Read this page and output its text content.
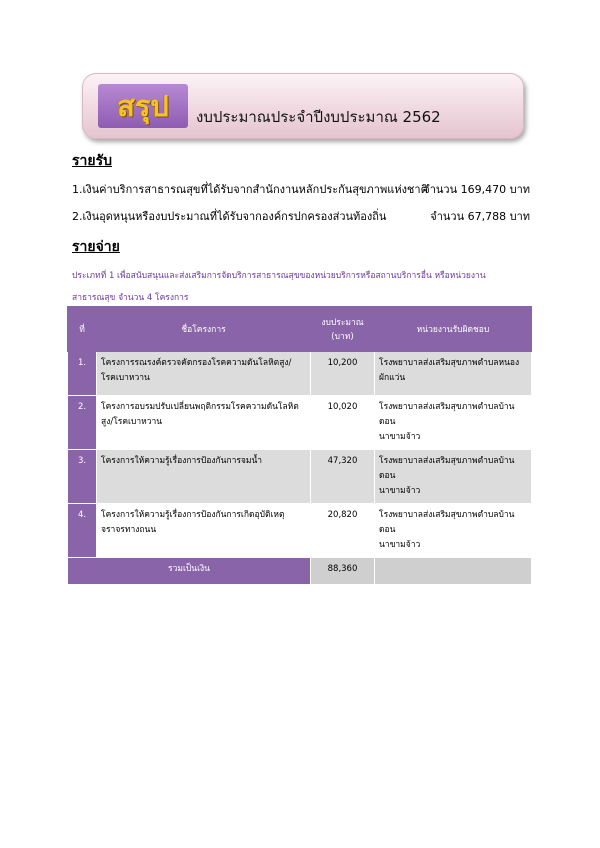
สรุป	งบประมาณประจำปีงบประมาณ 2562
รายรับ
1.เงินค่าบริการสาธารณสุขที่ได้รับจากสำนักงานหลักประกันสุขภาพแห่งชาติ
จำนวน 169,470 บาท
2.เงินอุดหนุนหรืองบประมาณที่ได้รับจากองค์กรปกครองส่วนท้องถิ่น	จำนวน 67,788 บาท
รายจ่าย
ประเภทที่ 1 เพื่อสนับสนุนและส่งเสริมการจัดบริการสาธารณสุขของหน่วยบริการหรือสถานบริการอื่น หรือหน่วยงาน
สาธารณสุข จำนวน 4 โครงการ
ที่	ชื่อโครงการ	งบประมาณ
(บาท)	หน่วยงานรับผิดชอบ
1.	โครงการรณรงค์ตรวจคัดกรองโรคความดันโลหิตสูง/
โรคเบาหวาน	10,200	โรงพยาบาลส่งเสริมสุขภาพตำบลหนองผักแว่น

2.	โครงการอบรมปรับเปลี่ยนพฤติกรรมโรคความดันโลหิต
สูง/โรคเบาหวาน	10,020	โรงพยาบาลส่งเสริมสุขภาพตำบลบ้านดอน
นาขามจ้าว

3.	โครงการให้ความรู้เรื่องการป้องกันการจมน้ำ	47,320	โรงพยาบาลส่งเสริมสุขภาพตำบลบ้านดอน
นาขามจ้าว

4.	โครงการให้ความรู้เรื่องการป้องกันการเกิดอุบัติเหตุ
จราจรทางถนน	20,820	โรงพยาบาลส่งเสริมสุขภาพตำบลบ้านดอน
นาขามจ้าว

รวมเป็นเงิน		88,360	
